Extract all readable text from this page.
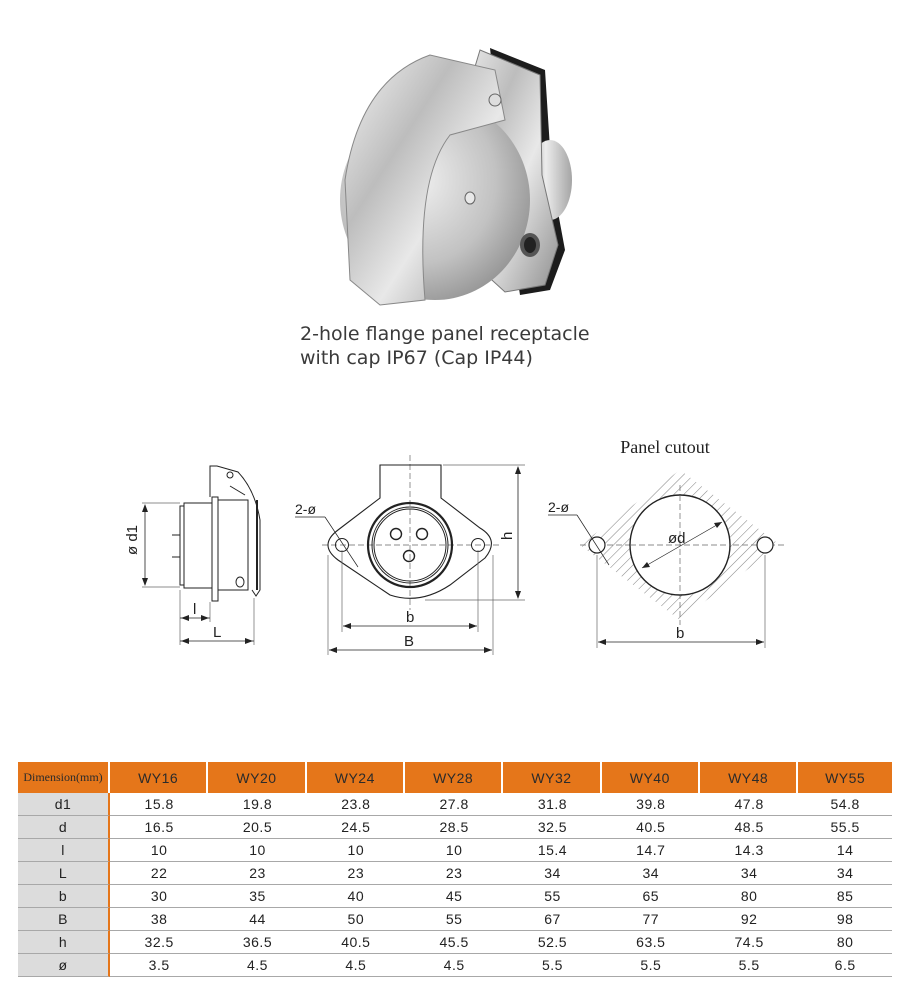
2-hole flange panel receptacle
with cap IP67 (Cap IP44)
ø d1
l
L
2-ø
h
b
B
Panel cutout
ød
2-ø
b
Dimension(mm)	WY16	WY20	WY24	WY28	WY32	WY40	WY48	WY55
d1	15.8	19.8	23.8	27.8	31.8	39.8	47.8	54.8
d	16.5	20.5	24.5	28.5	32.5	40.5	48.5	55.5
l	10	10	10	10	15.4	14.7	14.3	14
L	22	23	23	23	34	34	34	34
b	30	35	40	45	55	65	80	85
B	38	44	50	55	67	77	92	98
h	32.5	36.5	40.5	45.5	52.5	63.5	74.5	80
ø	3.5	4.5	4.5	4.5	5.5	5.5	5.5	6.5
